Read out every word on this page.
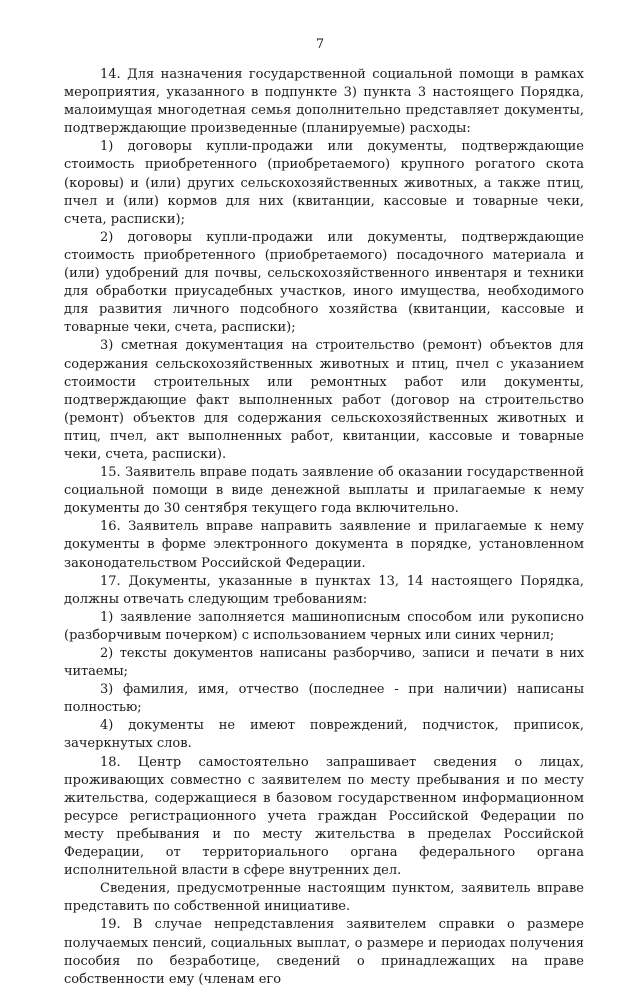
7

14. Для назначения государственной социальной помощи в рамках мероприятия, указанного в подпункте 3) пункта 3 настоящего Порядка, малоимущая многодетная семья дополнительно представляет документы, подтверждающие произведенные (планируемые) расходы:

1) договоры купли-продажи или документы, подтверждающие стоимость приобретенного (приобретаемого) крупного рогатого скота (коровы) и (или) других сельскохозяйственных животных, а также птиц, пчел и (или) кормов для них (квитанции, кассовые и товарные чеки, счета, расписки);

2) договоры купли-продажи или документы, подтверждающие стоимость приобретенного (приобретаемого) посадочного материала и (или) удобрений для почвы, сельскохозяйственного инвентаря и техники для обработки приусадебных участков, иного имущества, необходимого для развития личного подсобного хозяйства (квитанции, кассовые и товарные чеки, счета, расписки);

3) сметная документация на строительство (ремонт) объектов для содержания сельскохозяйственных животных и птиц, пчел с указанием стоимости строительных или ремонтных работ или документы, подтверждающие факт выполненных работ (договор на строительство (ремонт) объектов для содержания сельскохозяйственных животных и птиц, пчел, акт выполненных работ, квитанции, кассовые и товарные чеки, счета, расписки).

15. Заявитель вправе подать заявление об оказании государственной социальной помощи в виде денежной выплаты и прилагаемые к нему документы до 30 сентября текущего года включительно.

16. Заявитель вправе направить заявление и прилагаемые к нему документы в форме электронного документа в порядке, установленном законодательством Российской Федерации.

17. Документы, указанные в пунктах 13, 14 настоящего Порядка, должны отвечать следующим требованиям:

1) заявление заполняется машинописным способом или рукописно (разборчивым почерком) с использованием черных или синих чернил;

2) тексты документов написаны разборчиво, записи и печати в них читаемы;

3) фамилия, имя, отчество (последнее - при наличии) написаны полностью;

4) документы не имеют повреждений, подчисток, приписок, зачеркнутых слов.

18. Центр самостоятельно запрашивает сведения о лицах, проживающих совместно с заявителем по месту пребывания и по месту жительства, содержащиеся в базовом государственном информационном ресурсе регистрационного учета граждан Российской Федерации по месту пребывания и по месту жительства в пределах Российской Федерации, от территориального органа федерального органа исполнительной власти в сфере внутренних дел.

Сведения, предусмотренные настоящим пунктом, заявитель вправе представить по собственной инициативе.

19. В случае непредставления заявителем справки о размере получаемых пенсий, социальных выплат, о размере и периодах получения пособия по безработице, сведений о принадлежащих на праве собственности ему (членам его
